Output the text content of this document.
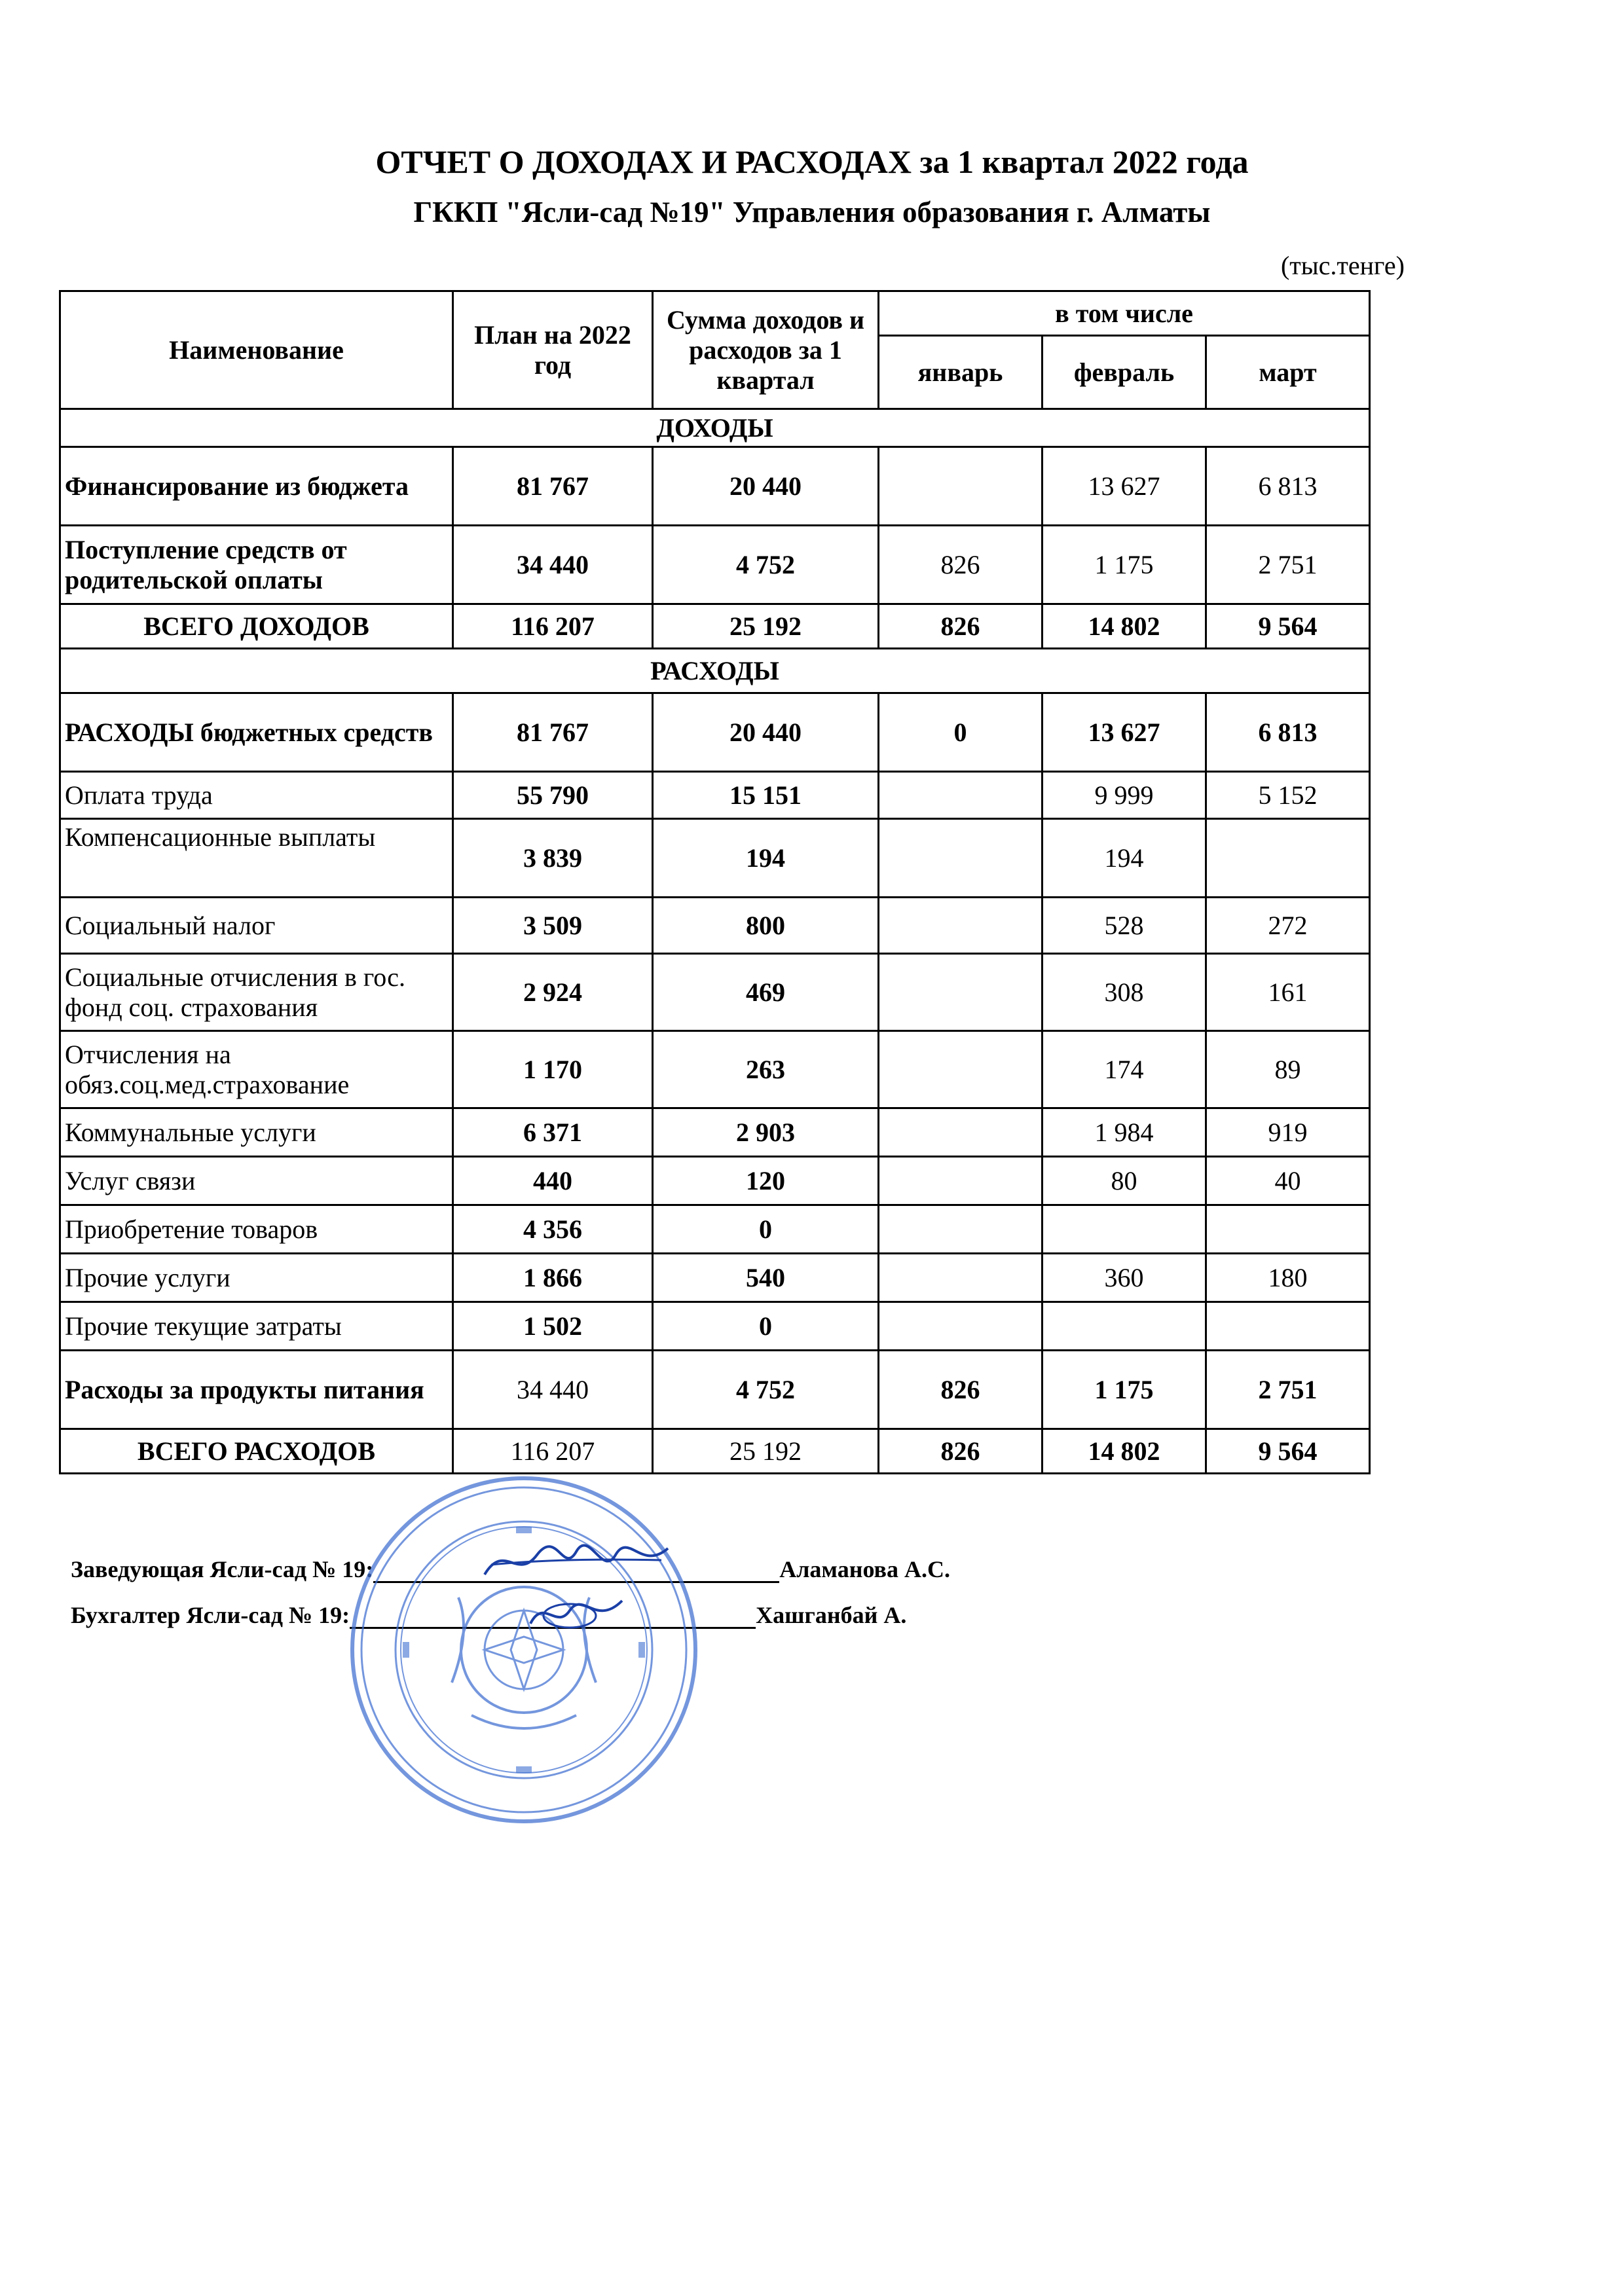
ОТЧЕТ О ДОХОДАХ И РАСХОДАХ за 1 квартал 2022 года
ГККП "Ясли-сад №19" Управления образования г. Алматы

(тыс.тенге)

Наименование	План на 2022 год	Сумма доходов и расходов за 1 квартал	в том числе		
			январь	февраль	март
ДОХОДЫ					
Финансирование из бюджета	81 767	20 440		13 627	6 813
Поступление средств от родительской оплаты	34 440	4 752	826	1 175	2 751
ВСЕГО ДОХОДОВ	116 207	25 192	826	14 802	9 564
РАСХОДЫ					
РАСХОДЫ бюджетных средств	81 767	20 440	0	13 627	6 813
Оплата труда	55 790	15 151		9 999	5 152
Компенсационные выплаты	3 839	194		194	
Социальный налог	3 509	800		528	272
Социальные отчисления в гос. фонд соц. страхования	2 924	469		308	161
Отчисления на обяз.соц.мед.страхование	1 170	263		174	89
Коммунальные услуги	6 371	2 903		1 984	919
Услуг связи	440	120		80	40
Приобретение товаров	4 356	0			
Прочие услуги	1 866	540		360	180
Прочие текущие затраты	1 502	0			
Расходы за продукты питания	34 440	4 752	826	1 175	2 751
ВСЕГО РАСХОДОВ	116 207	25 192	826	14 802	9 564

Заведующая Ясли-сад № 19:	Аламанова А.С.

Бухгалтер Ясли-сад № 19:	Хашганбай А.
